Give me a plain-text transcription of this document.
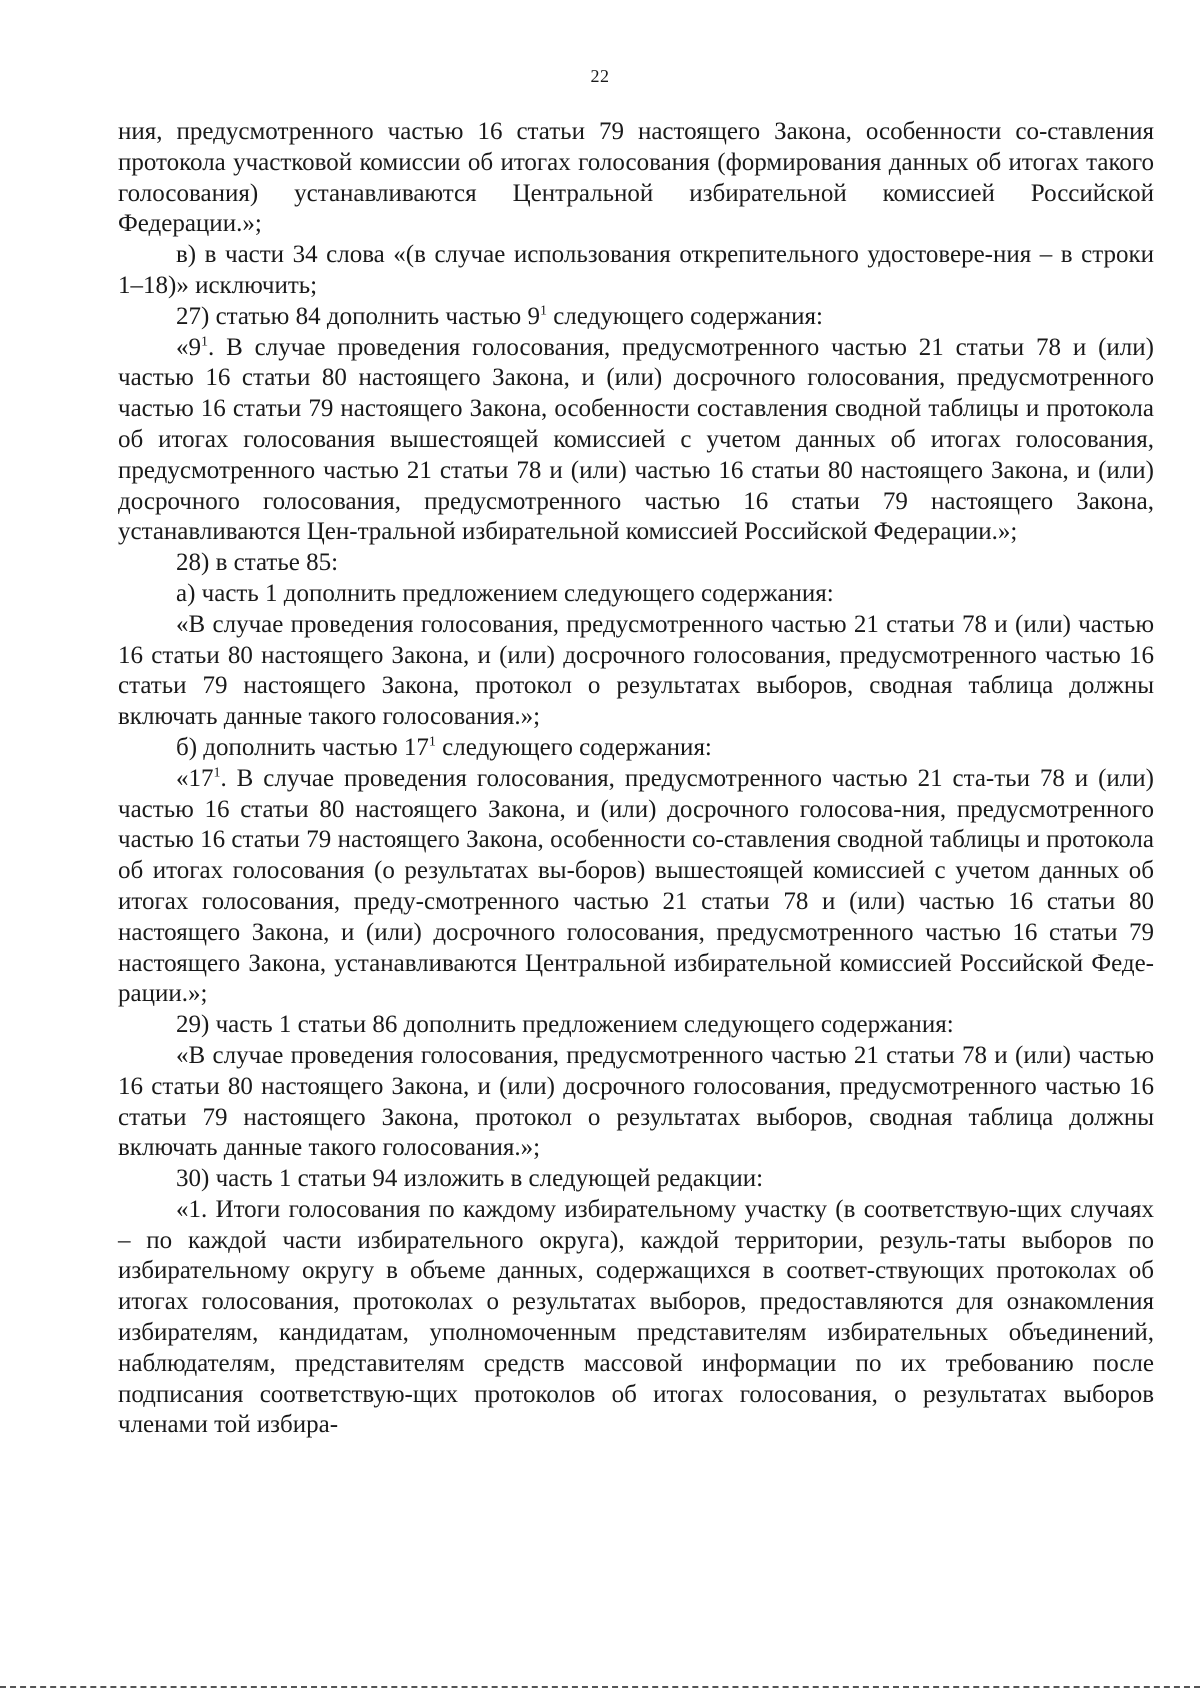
22

ния, предусмотренного частью 16 статьи 79 настоящего Закона, особенности со-ставления протокола участковой комиссии об итогах голосования (формирования данных об итогах такого голосования) устанавливаются Центральной избирательной комиссией Российской Федерации.»;

в) в части 34 слова «(в случае использования открепительного удостовере-ния – в строки 1–18)» исключить;

27) статью 84 дополнить частью $9^1$ следующего содержания:

«$9^1$. В случае проведения голосования, предусмотренного частью 21 статьи 78 и (или) частью 16 статьи 80 настоящего Закона, и (или) досрочного голосования, предусмотренного частью 16 статьи 79 настоящего Закона, особенности составления сводной таблицы и протокола об итогах голосования вышестоящей комиссией с учетом данных об итогах голосования, предусмотренного частью 21 статьи 78 и (или) частью 16 статьи 80 настоящего Закона, и (или) досрочного голосования, предусмотренного частью 16 статьи 79 настоящего Закона, устанавливаются Цен-тральной избирательной комиссией Российской Федерации.»;

28) в статье 85:

а) часть 1 дополнить предложением следующего содержания:

«В случае проведения голосования, предусмотренного частью 21 статьи 78 и (или) частью 16 статьи 80 настоящего Закона, и (или) досрочного голосования, предусмотренного частью 16 статьи 79 настоящего Закона, протокол о результатах выборов, сводная таблица должны включать данные такого голосования.»;

б) дополнить частью $17^1$ следующего содержания:

«$17^1$. В случае проведения голосования, предусмотренного частью 21 ста-тьи 78 и (или) частью 16 статьи 80 настоящего Закона, и (или) досрочного голосова-ния, предусмотренного частью 16 статьи 79 настоящего Закона, особенности со-ставления сводной таблицы и протокола об итогах голосования (о результатах вы-боров) вышестоящей комиссией с учетом данных об итогах голосования, преду-смотренного частью 21 статьи 78 и (или) частью 16 статьи 80 настоящего Закона, и (или) досрочного голосования, предусмотренного частью 16 статьи 79 настоящего Закона, устанавливаются Центральной избирательной комиссией Российской Феде-рации.»;

29) часть 1 статьи 86 дополнить предложением следующего содержания:

«В случае проведения голосования, предусмотренного частью 21 статьи 78 и (или) частью 16 статьи 80 настоящего Закона, и (или) досрочного голосования, предусмотренного частью 16 статьи 79 настоящего Закона, протокол о результатах выборов, сводная таблица должны включать данные такого голосования.»;

30) часть 1 статьи 94 изложить в следующей редакции:

«1. Итоги голосования по каждому избирательному участку (в соответствую-щих случаях – по каждой части избирательного округа), каждой территории, резуль-таты выборов по избирательному округу в объеме данных, содержащихся в соответ-ствующих протоколах об итогах голосования, протоколах о результатах выборов, предоставляются для ознакомления избирателям, кандидатам, уполномоченным представителям избирательных объединений, наблюдателям, представителям средств массовой информации по их требованию после подписания соответствую-щих протоколов об итогах голосования, о результатах выборов членами той избира-
